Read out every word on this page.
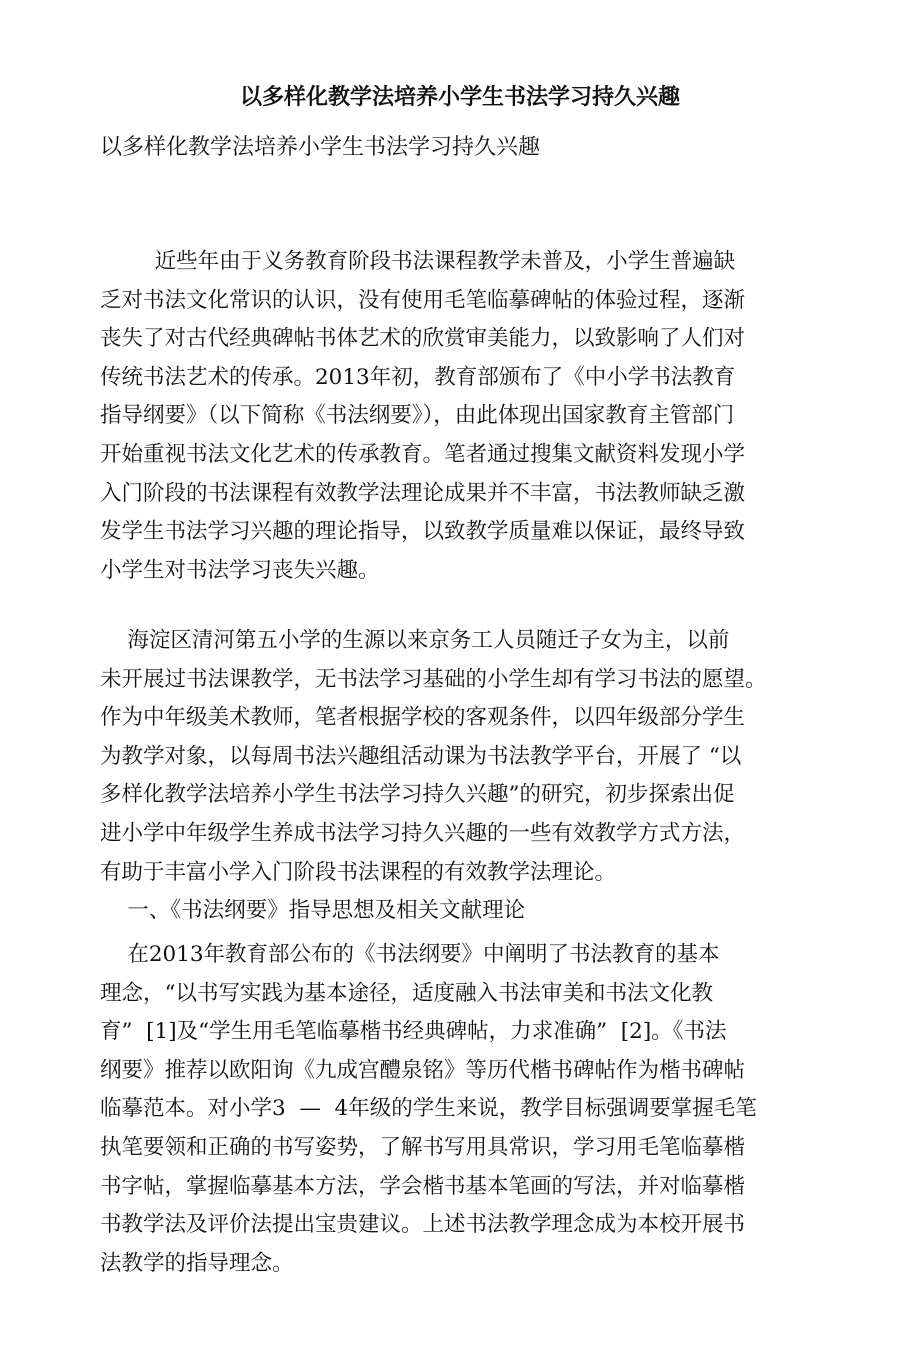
以多样化教学法培养小学生书法学习持久兴趣
以多样化教学法培养小学生书法学习持久兴趣
近些年由于义务教育阶段书法课程教学未普及，小学生普遍缺
乏对书法文化常识的认识，没有使用毛笔临摹碑帖的体验过程，逐渐
丧失了对古代经典碑帖书体艺术的欣赏审美能力，以致影响了人们对
传统书法艺术的传承。2013年初，教育部颁布了《中小学书法教育
指导纲要》（以下简称《书法纲要》），由此体现出国家教育主管部门
开始重视书法文化艺术的传承教育。笔者通过搜集文献资料发现小学
入门阶段的书法课程有效教学法理论成果并不丰富，书法教师缺乏激
发学生书法学习兴趣的理论指导，以致教学质量难以保证，最终导致
小学生对书法学习丧失兴趣。
海淀区清河第五小学的生源以来京务工人员随迁子女为主，以前
未开展过书法课教学，无书法学习基础的小学生却有学习书法的愿望。
作为中年级美术教师，笔者根据学校的客观条件，以四年级部分学生
为教学对象，以每周书法兴趣组活动课为书法教学平台，开展了 “以
多样化教学法培养小学生书法学习持久兴趣”的研究，初步探索出促
进小学中年级学生养成书法学习持久兴趣的一些有效教学方式方法，
有助于丰富小学入门阶段书法课程的有效教学法理论。
一、《书法纲要》指导思想及相关文献理论
在2013年教育部公布的《书法纲要》中阐明了书法教育的基本
理念，“以书写实践为基本途径，适度融入书法审美和书法文化教
育”  [1]及“学生用毛笔临摹楷书经典碑帖，力求准确”  [2]。《书法
纲要》推荐以欧阳询《九成宫醴泉铭》等历代楷书碑帖作为楷书碑帖
临摹范本。对小学3  —  4年级的学生来说，教学目标强调要掌握毛笔
执笔要领和正确的书写姿势，了解书写用具常识，学习用毛笔临摹楷
书字帖，掌握临摹基本方法，学会楷书基本笔画的写法，并对临摹楷
书教学法及评价法提出宝贵建议。上述书法教学理念成为本校开展书
法教学的指导理念。
